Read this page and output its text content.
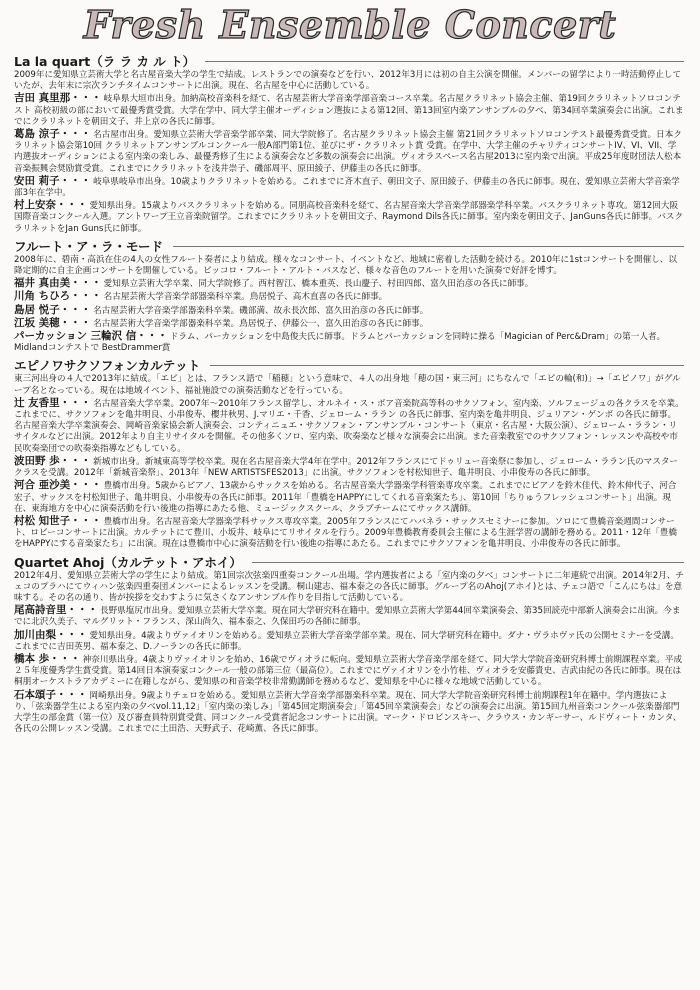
Fresh Ensemble Concert
La la quart（ラ ラ カ ル ト）
2009年に愛知県立芸術大学と名古屋音楽大学の学生で結成。レストランでの演奏などを行い、2012年3月には初の自主公演を開催。メンバーの留学により一時活動停止していたが、去年末に宗次ランチタイムコンサートに出演。現在、名古屋を中心に活動している。
吉田 真里那・・・ 岐阜県大垣市出身。加納高校音楽科を経て、名古屋芸術大学音楽学部音楽コース卒業。名古屋クラリネット協会主催、第19回クラリネットソロコンテスト 高校初級の部において最優秀賞受賞。大学在学中、同大学主催オーディション選抜による第12回、第13回室内楽アンサンブルの夕べ、第34回卒業演奏会に出演。これまでにクラリネットを朝田文子、井上京の各氏に師事。
葛島 涼子・・・ 名古屋市出身。愛知県立芸術大学音楽学部卒業、同大学院修了。名古屋クラリネット協会主催 第21回クラリネットソロコンテスト最優秀賞受賞。日本クラリネット協会第10回 クラリネットアンサンブルコンクール一般A部門第1位、並びにザ・クラリネット賞 受賞。在学中、大学主催のチャリティコンサートIV、VI、VII、学内選抜オーディションによる室内楽の楽しみ、最優秀修了生による演奏会など多数の演奏会に出演。ヴィオラスペース名古屋2013に室内楽で出演。平成25年度財団法人松本音楽振興会奨励賞受賞。これまでにクラリネットを浅井崇子、磯部周平、原田綾子、伊藤圭の各氏に師事。
安田 莉子・・・ 岐阜県岐阜市出身。10歳よりクラリネットを始める。これまでに斉木直子、朝田文子、原田綾子、伊藤圭の各氏に師事。現在、愛知県立芸術大学音楽学部3年在学中。
村上安奈・・・ 愛知県出身。15歳よりバスクラリネットを始める。同朋高校音楽科を経て、名古屋音楽大学音楽学部器楽学科卒業。バスクラリネット専攻。第12回大阪国際音楽コンクール入選。アントワープ王立音楽院留学。これまでにクラリネットを朝田文子、Raymond Dils各氏に師事。室内楽を朝田文子、JanGuns各氏に師事。バスクラリネットをJan Guns氏に師事。
フルート・ア・ラ・モード
2008年に、碧南・高浜在住の4人の女性フルート奏者により結成。様々なコンサート、イベントなど、地域に密着した活動を続ける。2010年に1stコンサートを開催し、以降定期的に自主企画コンサートを開催している。ピッコロ・フルート・アルト・バスなど、様々な音色のフルートを用いた演奏で好評を博す。
福井 真由美・・・ 愛知県立芸術大学卒業、同大学院修了。西村智江、橋本重英、長山慶子、村田四郎、富久田治彦の各氏に師事。
川角 ちひろ・・・ 名古屋芸術大学音楽学部器楽科卒業。鳥居悦子、高木直喜の各氏に師事。
島居 悦子・・・ 名古屋芸術大学音楽学部器楽科卒業。磯部満、故永長次郎、富久田治彦の各氏に師事。
江坂 美穂・・・ 名古屋芸術大学音楽学部器楽科卒業。鳥居悦子、伊藤公一、富久田治彦の各氏に師事。
パーカッション 三輪沢 信・・・ ドラム、パーカッションを中島俊夫氏に師事。ドラムとパーカッションを同時に操る「Magician of Perc&Dram」の第一人者。Midlandコンテストで BestDrammer賞
エピノワサクソフォンカルテット
東三河出身の４人で2013年に結成。「エピ」とは、フランス語で「稲穂」という意味で、４人の出身地「穂の国・東三河」にちなんで「エピの輪(和)」→「エピノワ」がグループ名となっている。現在は地域イベント、福祉施設での演奏活動などを行っている。
辻 友香里・・・ 名古屋音楽大学卒業。2007年～2010年フランス留学し、オルネイ・ス・ボア音楽院高等科のサクソフォン、室内楽、ソルフェージュの各クラスを卒業。これまでに、サクソフォンを亀井明良、小串俊寿、櫻井秋男、J.マリエ・千香、ジェローム・ララン の各氏に師事、室内楽を亀井明良、ジュリアン・ゲンボ の各氏に師事。名古屋音楽大学卒業演奏会、岡崎音楽家協会新人演奏会、コンティニュエ・サクソフォン・アンサンブル・コンサート（東京・名古屋・大阪公演）、ジェローム・ララン・リサイタルなどに出演。2012年より自主リサイタルを開催。その他多くソロ、室内楽、吹奏楽など様々な演奏会に出演。また音楽教室でのサクソフォン・レッスンや高校や市民吹奏楽団での吹奏楽指導などもしている。
波田野 歩・・・ 新城市出身。新城東高等学校卒業。現在名古屋音楽大学4年在学中。2012年フランスにてドゥリュー音楽祭に参加し、ジェローム・ララン氏のマスタークラスを受講。2012年「新城音楽祭」、2013年「NEW ARTISTSFES2013」に出演。サクソフォンを村松知世子、亀井明良、小串俊寿の各氏に師事。
河合 亜沙美・・・ 豊橋市出身。5歳からピアノ、13歳からサックスを始める。名古屋音楽大学器楽学科管楽専攻卒業。これまでにピアノを鈴木佳代、鈴木伸代子、河合宏子、サックスを村松知世子、亀井明良、小串俊寿の各氏に師事。2011年「豊橋をHAPPYにしてくれる音楽案たち」、第10回「ちりゅうフレッシュコンサート」出演。現在、東海地方を中心に演奏活動を行い後進の指導にあたる他、ミュージックスクール、クラブチームにてサックス講師。
村松 知世子・・・ 豊橋市出身。名古屋音楽大学器楽学科サックス専攻卒業。2005年フランスにてハバネラ・サックスセミナーに参加。ソロにて豊橋音楽週間コンサート、ロビーコンサートに出演。カルテットにて豊川、小坂井、岐阜にてリサイタルを行う。2009年豊橋教育委員会主催による生涯学習の講師を務める。2011・12年「豊橋をHAPPYにする音楽家たち」に出演。現在は豊橋市中心に演奏活動を行い後進の指導にあたる。これまでにサクソフォンを亀井明良、小串俊寿の各氏に師事。
Quartet Ahoj（カルテット・アホイ）
2012年4月、愛知県立芸術大学の学生により結成。第1回宗次弦楽四重奏コンクール出場。学内選抜者による「室内楽の夕べ」コンサートに二年連続で出演。2014年2月、チェコのプラハにてウィハン弦楽四重奏団メンバーによるレッスンを受講。桐山建志、福本泰之の各氏に師事。グループ名のAhoj(アホイ)とは、チェコ語で「こんにちは」を意味する。その名の通り、皆が挨拶を交わすように気さくなアンサンブル作りを目指して活動している。
尾高詩音里・・・ 長野県塩尻市出身。愛知県立芸術大学卒業。現在同大学研究科在籍中。愛知県立芸術大学第44回卒業演奏会、第35回読売中部新人演奏会に出演。今までに北沢久美子、マルグリット・フランス、深山尚久、福本泰之、久保田巧の各師に師事。
加川由梨・・・ 愛知県出身。4歳よりヴァイオリンを始める。愛知県立芸術大学音楽学部卒業。現在、同大学研究科在籍中。ダナ・ヴラホヴァ氏の公開セミナーを受講。これまでに吉田英男、福本泰之、D.ノーランの各氏に師事。
橋本 歩・・・ 神奈川県出身。4歳よりヴァイオリンを始め、16歳でヴィオラに転向。愛知県立芸術大学音楽学部を経て、同大学大学院音楽研究科博士前期課程卒業。平成２５年度優秀学生賞受賞。第14回日本演奏家コンクール一般の部第三位（最高位）。これまでにヴァイオリンを小竹桂、ヴィオラを安藤貴史、吉武由紀の各氏に師事。現在は桐朋オーケストラアカデミーに在籍しながら、愛知県の和音楽学校非常勤講師を務めるなど、愛知県を中心に様々な地域で活動している。
石本頌子・・・ 岡崎県出身。9歳よりチェロを始める。愛知県立芸術大学音楽学部器楽科卒業。現在、同大学大学院音楽研究科博士前期課程1年在籍中。学内選抜により、「弦楽器学生による室内楽の夕べvol.11,12」「室内楽の楽しみ」「第45回定期演奏会」「第45回卒業演奏会」などの演奏会に出演。第15回九州音楽コンクール弦楽器部門大学生の部金賞（第一位）及び審査員特別賞受賞、同コンクール受賞者記念コンサートに出演。マーク・ドロビンスキー、クラウス・カンギーサー、ルドヴィート・カンタ、各氏の公開レッスン受講。これまでに土田浩、天野武子、花崎薫、各氏に師事。
